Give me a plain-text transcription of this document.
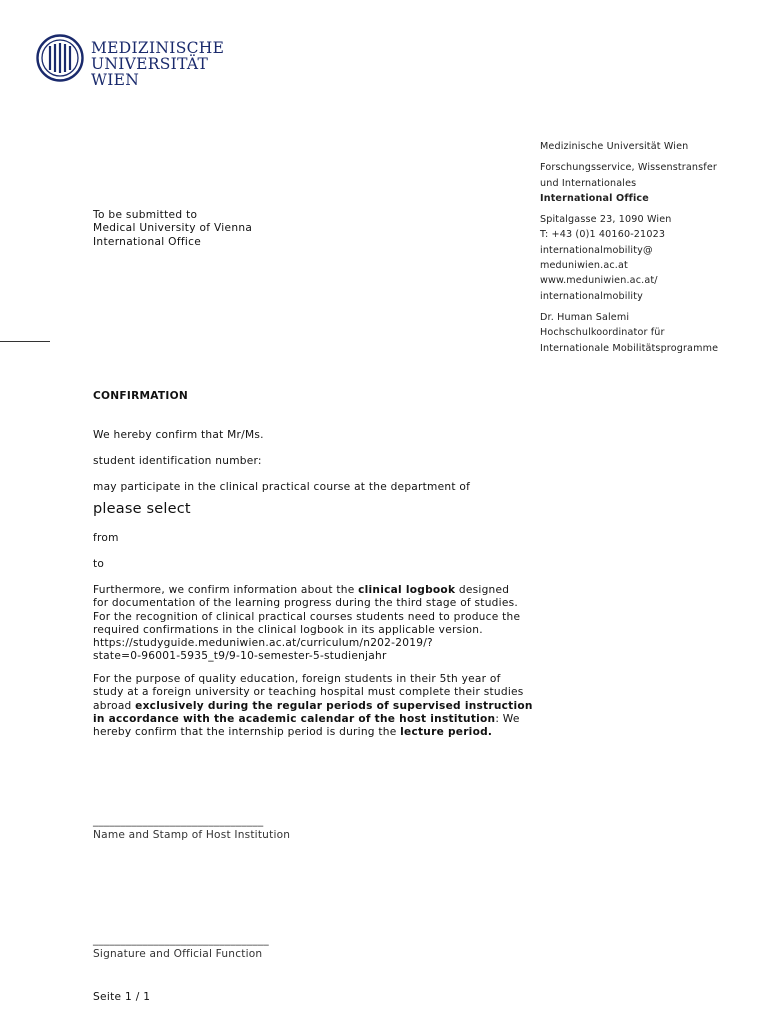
MEDIZINISCHE
UNIVERSITÄT WIEN
Medizinische Universität Wien
Forschungsservice, Wissenstransfer
und Internationales
International Office
Spitalgasse 23, 1090 Wien
T: +43 (0)1 40160-21023
internationalmobility@
meduniwien.ac.at
www.meduniwien.ac.at/
internationalmobility
Dr. Human Salemi
Hochschulkoordinator für
Internationale Mobilitätsprogramme
To be submitted to
Medical University of Vienna
International Office
CONFIRMATION
We hereby confirm that Mr/Ms.
student identification number:
may participate in the clinical practical course at the department of
please select
from
to
Furthermore, we confirm information about the clinical logbook designed
for documentation of the learning progress during the third stage of studies.
For the recognition of clinical practical courses students need to produce the
required confirmations in the clinical logbook in its applicable version.
https://studyguide.meduniwien.ac.at/curriculum/n202-2019/?
state=0-96001-5935_t9/9-10-semester-5-studienjahr
For the purpose of quality education, foreign students in their 5th year of
study at a foreign university or teaching hospital must complete their studies
abroad exclusively during the regular periods of supervised instruction
in accordance with the academic calendar of the host institution: We
hereby confirm that the internship period is during the lecture period.
_______________________________
Name and Stamp of Host Institution
________________________________
Signature and Official Function
Seite 1 / 1
